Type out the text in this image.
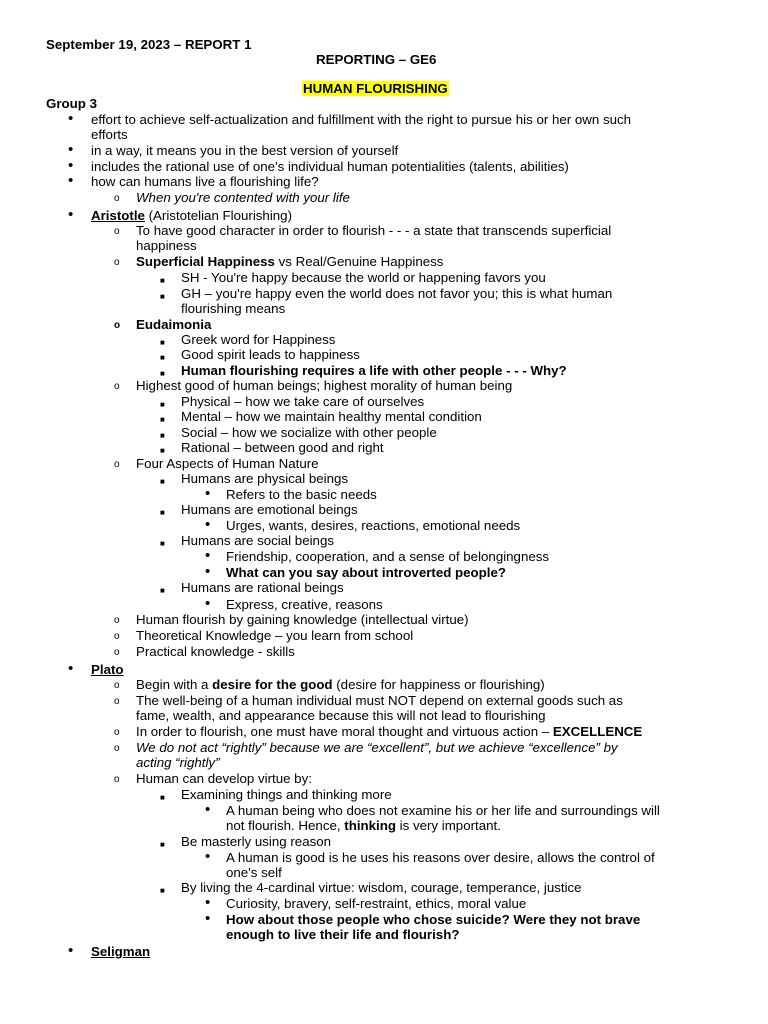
September 19, 2023 – REPORT 1
REPORTING – GE6
HUMAN FLOURISHING
Group 3
• effort to achieve self-actualization and fulfillment with the right to pursue his or her own such
efforts
• in a way, it means you in the best version of yourself
• includes the rational use of one's individual human potentialities (talents, abilities)
• how can humans live a flourishing life?
o When you're contented with your life
• Aristotle (Aristotelian Flourishing)
o To have good character in order to flourish - - - a state that transcends superficial
happiness
o Superficial Happiness vs Real/Genuine Happiness
■ SH - You're happy because the world or happening favors you
■ GH – you're happy even the world does not favor you; this is what human
flourishing means
o Eudaimonia
■ Greek word for Happiness
■ Good spirit leads to happiness
■ Human flourishing requires a life with other people - - - Why?
o Highest good of human beings; highest morality of human being
■ Physical – how we take care of ourselves
■ Mental – how we maintain healthy mental condition
■ Social – how we socialize with other people
■ Rational – between good and right
o Four Aspects of Human Nature
■ Humans are physical beings
• Refers to the basic needs
■ Humans are emotional beings
• Urges, wants, desires, reactions, emotional needs
■ Humans are social beings
• Friendship, cooperation, and a sense of belongingness
• What can you say about introverted people?
■ Humans are rational beings
• Express, creative, reasons
o Human flourish by gaining knowledge (intellectual virtue)
o Theoretical Knowledge – you learn from school
o Practical knowledge - skills
• Plato
o Begin with a desire for the good (desire for happiness or flourishing)
o The well-being of a human individual must NOT depend on external goods such as
fame, wealth, and appearance because this will not lead to flourishing
o In order to flourish, one must have moral thought and virtuous action – EXCELLENCE
o We do not act “rightly” because we are “excellent”, but we achieve “excellence” by
acting “rightly”
o Human can develop virtue by:
■ Examining things and thinking more
• A human being who does not examine his or her life and surroundings will
not flourish. Hence, thinking is very important.
■ Be masterly using reason
• A human is good is he uses his reasons over desire, allows the control of
one's self
■ By living the 4-cardinal virtue: wisdom, courage, temperance, justice
• Curiosity, bravery, self-restraint, ethics, moral value
• How about those people who chose suicide? Were they not brave
enough to live their life and flourish?
• Seligman
